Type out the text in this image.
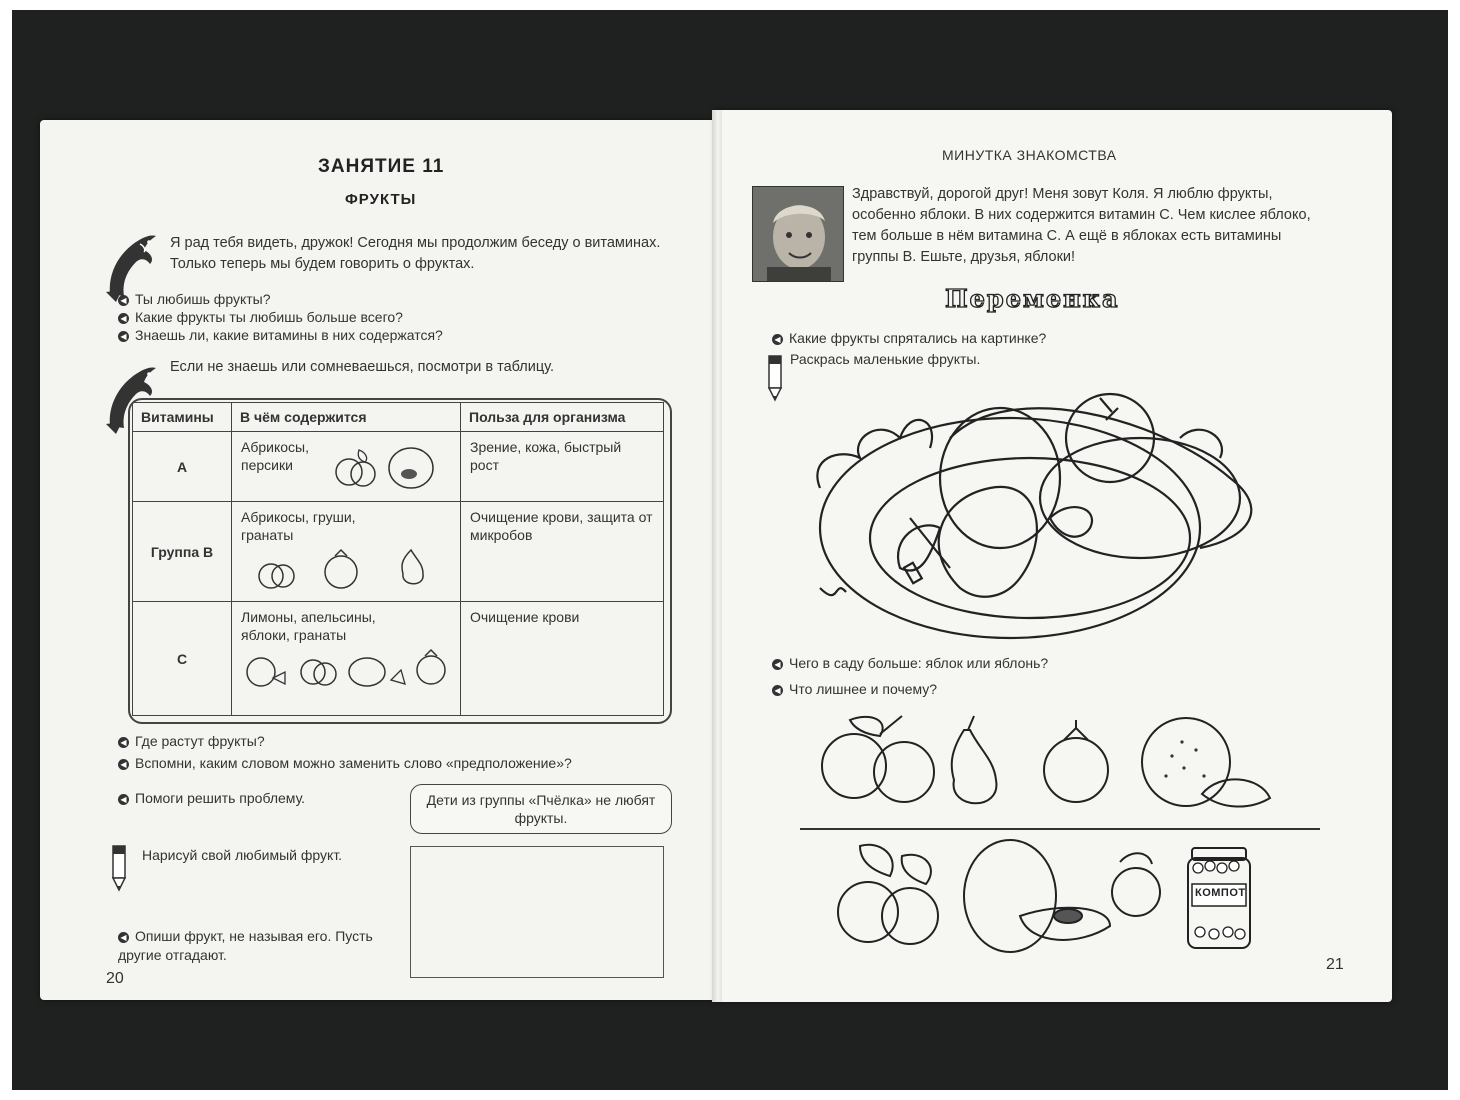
ЗАНЯТИЕ 11
ФРУКТЫ
Я рад тебя видеть, дружок! Сегодня мы продолжим беседу о витаминах. Только теперь мы будем говорить о фруктах.
◀ Ты любишь фрукты?
◀ Какие фрукты ты любишь больше всего?
◀ Знаешь ли, какие витамины в них содержатся?
Если не знаешь или сомневаешься, посмотри в таблицу.
Витамины	В чём содержится	Польза для организма
А	Абрикосы, персики	Зрение, кожа, быстрый рост
Группа В	Абрикосы, груши, гранаты	Очищение крови, защита от микробов
С	Лимоны, апельсины, яблоки, гранаты	Очищение крови
◀ Где растут фрукты?
◀ Вспомни, каким словом можно заменить слово «предположение»?
◀ Помоги решить проблему.	Дети из группы «Пчёлка» не любят фрукты.
Нарисуй свой любимый фрукт.
◀ Опиши фрукт, не называя его. Пусть другие отгадают.
20
МИНУТКА ЗНАКОМСТВА
Здравствуй, дорогой друг! Меня зовут Коля. Я люблю фрукты, особенно яблоки. В них содержится витамин С. Чем кислее яблоко, тем больше в нём витамина С. А ещё в яблоках есть витамины группы В. Ешьте, друзья, яблоки!
Переменка
◀ Какие фрукты спрятались на картинке?
Раскрась маленькие фрукты.
◀ Чего в саду больше: яблок или яблонь?
◀ Что лишнее и почему?
КОМПОТ
21
